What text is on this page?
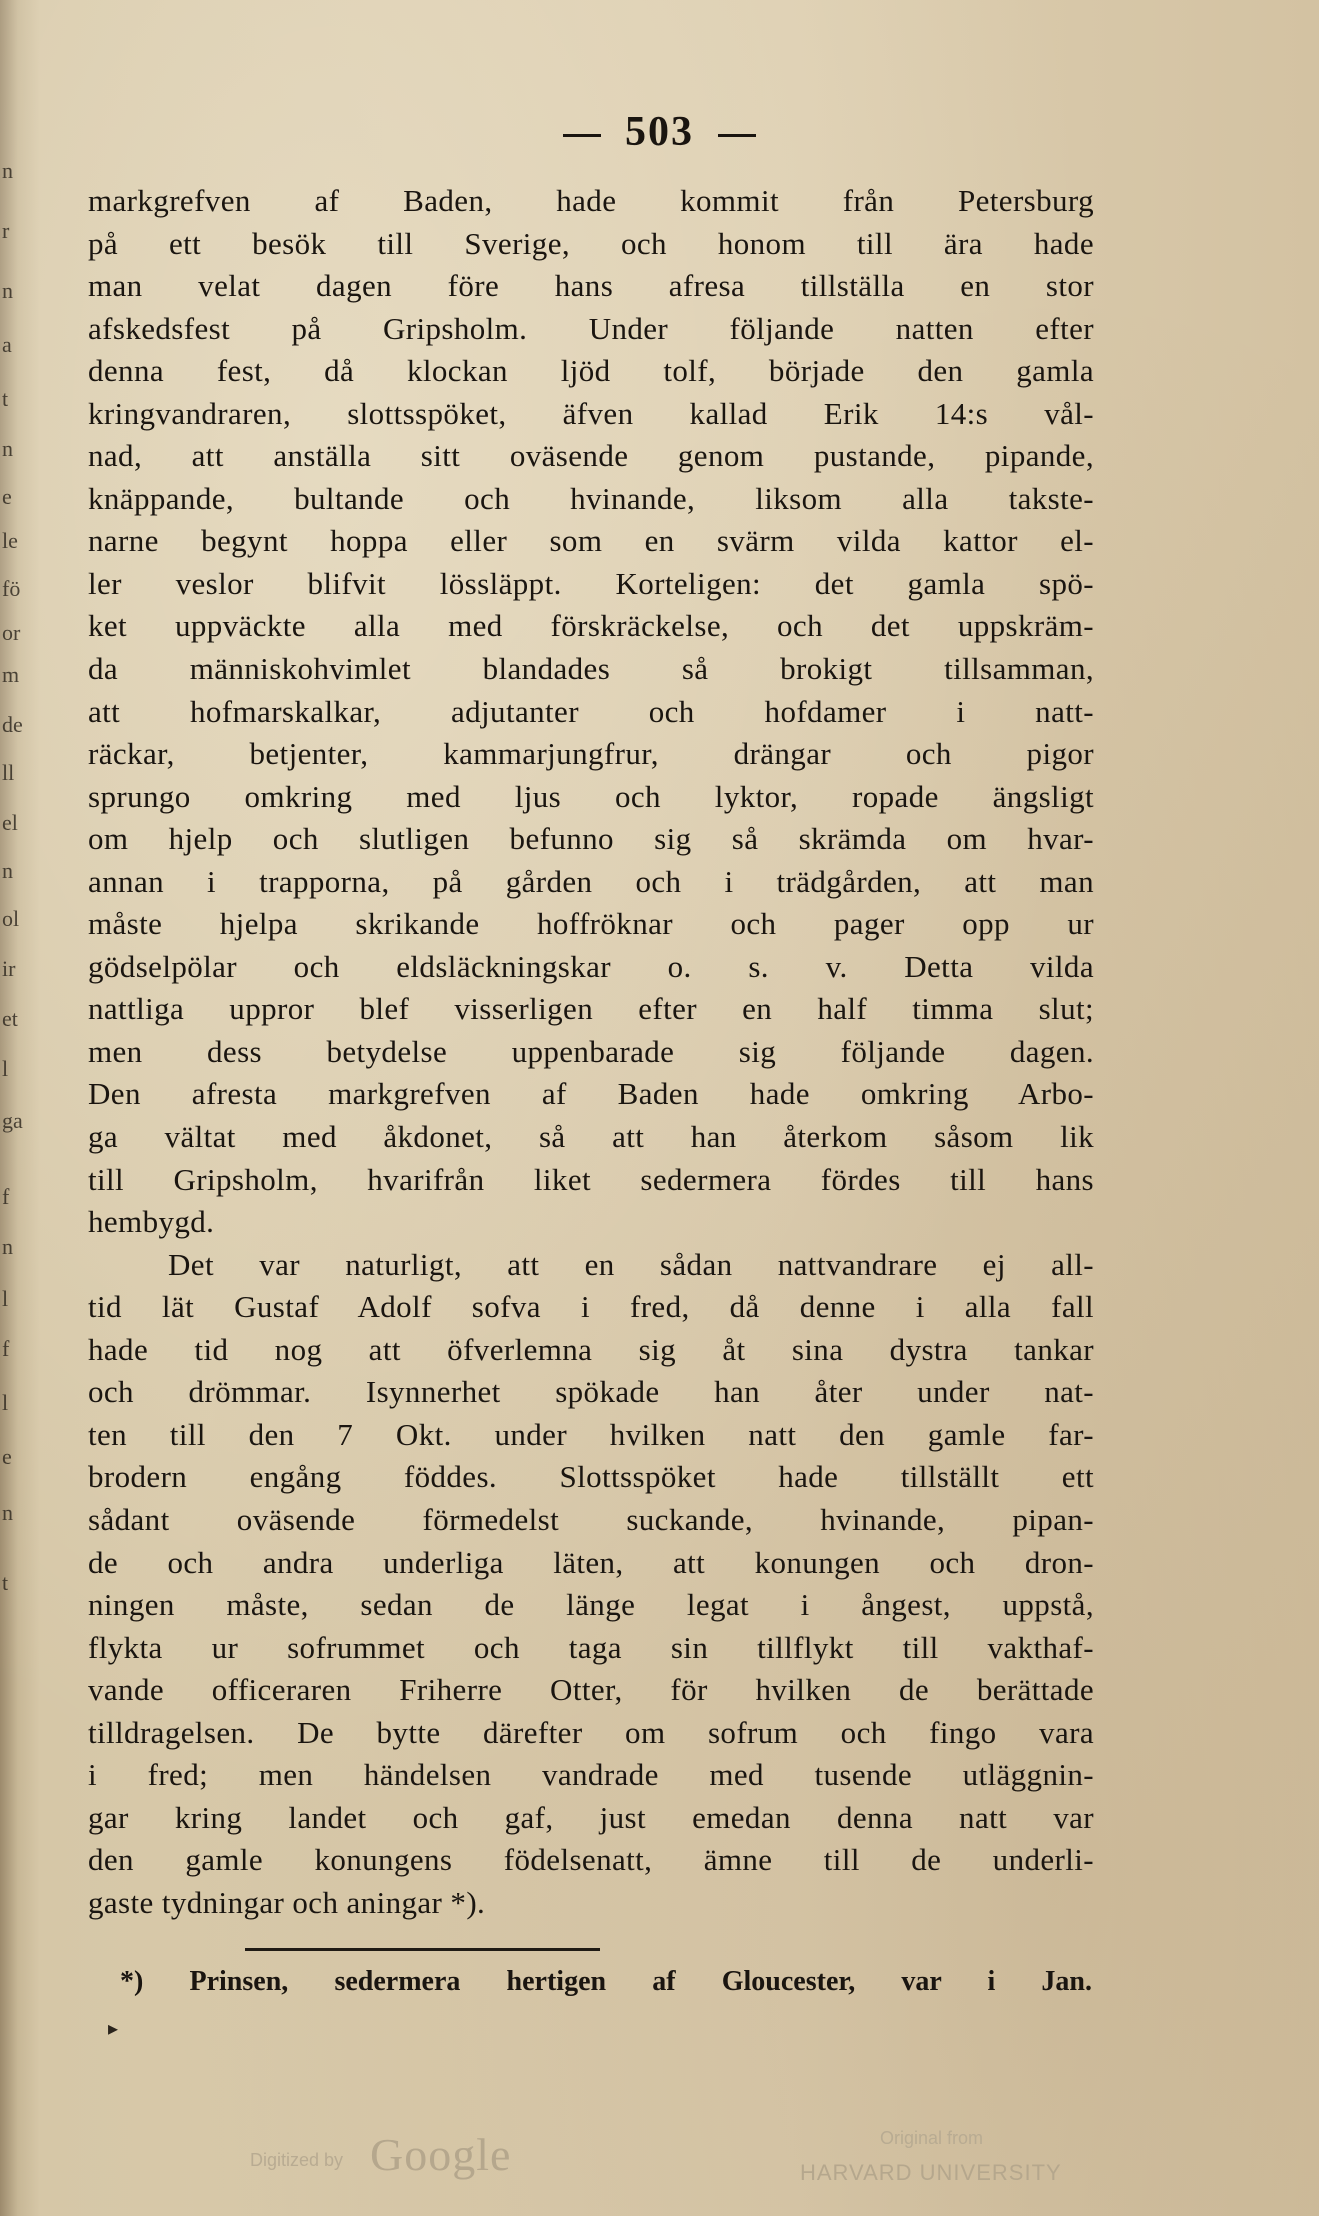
n
r
n
a
t
n
e
le
fö
or
m
de
ll
el
n
ol
ir
et
l
ga
f
n
l
f
l
e
n
t
503
markgrefven af Baden, hade kommit från Petersburg
på ett besök till Sverige, och honom till ära hade
man velat dagen före hans afresa tillställa en stor
afskedsfest på Gripsholm. Under följande natten efter
denna fest, då klockan ljöd tolf, började den gamla
kringvandraren, slottsspöket, äfven kallad Erik 14:s vål-
nad, att anställa sitt oväsende genom pustande, pipande,
knäppande, bultande och hvinande, liksom alla takste-
narne begynt hoppa eller som en svärm vilda kattor el-
ler veslor blifvit lössläppt. Korteligen: det gamla spö-
ket uppväckte alla med förskräckelse, och det uppskräm-
da människohvimlet blandades så brokigt tillsamman,
att hofmarskalkar, adjutanter och hofdamer i natt-
räckar, betjenter, kammarjungfrur, drängar och pigor
sprungo omkring med ljus och lyktor, ropade ängsligt
om hjelp och slutligen befunno sig så skrämda om hvar-
annan i trapporna, på gården och i trädgården, att man
måste hjelpa skrikande hoffröknar och pager opp ur
gödselpölar och eldsläckningskar o. s. v. Detta vilda
nattliga uppror blef visserligen efter en half timma slut;
men dess betydelse uppenbarade sig följande dagen.
Den afresta markgrefven af Baden hade omkring Arbo-
ga vältat med åkdonet, så att han återkom såsom lik
till Gripsholm, hvarifrån liket sedermera fördes till hans
hembygd.
Det var naturligt, att en sådan nattvandrare ej all-
tid lät Gustaf Adolf sofva i fred, då denne i alla fall
hade tid nog att öfverlemna sig åt sina dystra tankar
och drömmar. Isynnerhet spökade han åter under nat-
ten till den 7 Okt. under hvilken natt den gamle far-
brodern engång föddes. Slottsspöket hade tillställt ett
sådant oväsende förmedelst suckande, hvinande, pipan-
de och andra underliga läten, att konungen och dron-
ningen måste, sedan de länge legat i ångest, uppstå,
flykta ur sofrummet och taga sin tillflykt till vakthaf-
vande officeraren Friherre Otter, för hvilken de berättade
tilldragelsen. De bytte därefter om sofrum och fingo vara
i fred; men händelsen vandrade med tusende utläggnin-
gar kring landet och gaf, just emedan denna natt var
den gamle konungens födelsenatt, ämne till de underli-
gaste tydningar och aningar *).
*) Prinsen, sedermera hertigen af Gloucester, var i Jan.
▸
Digitized by Google	Original from
HARVARD UNIVERSITY
